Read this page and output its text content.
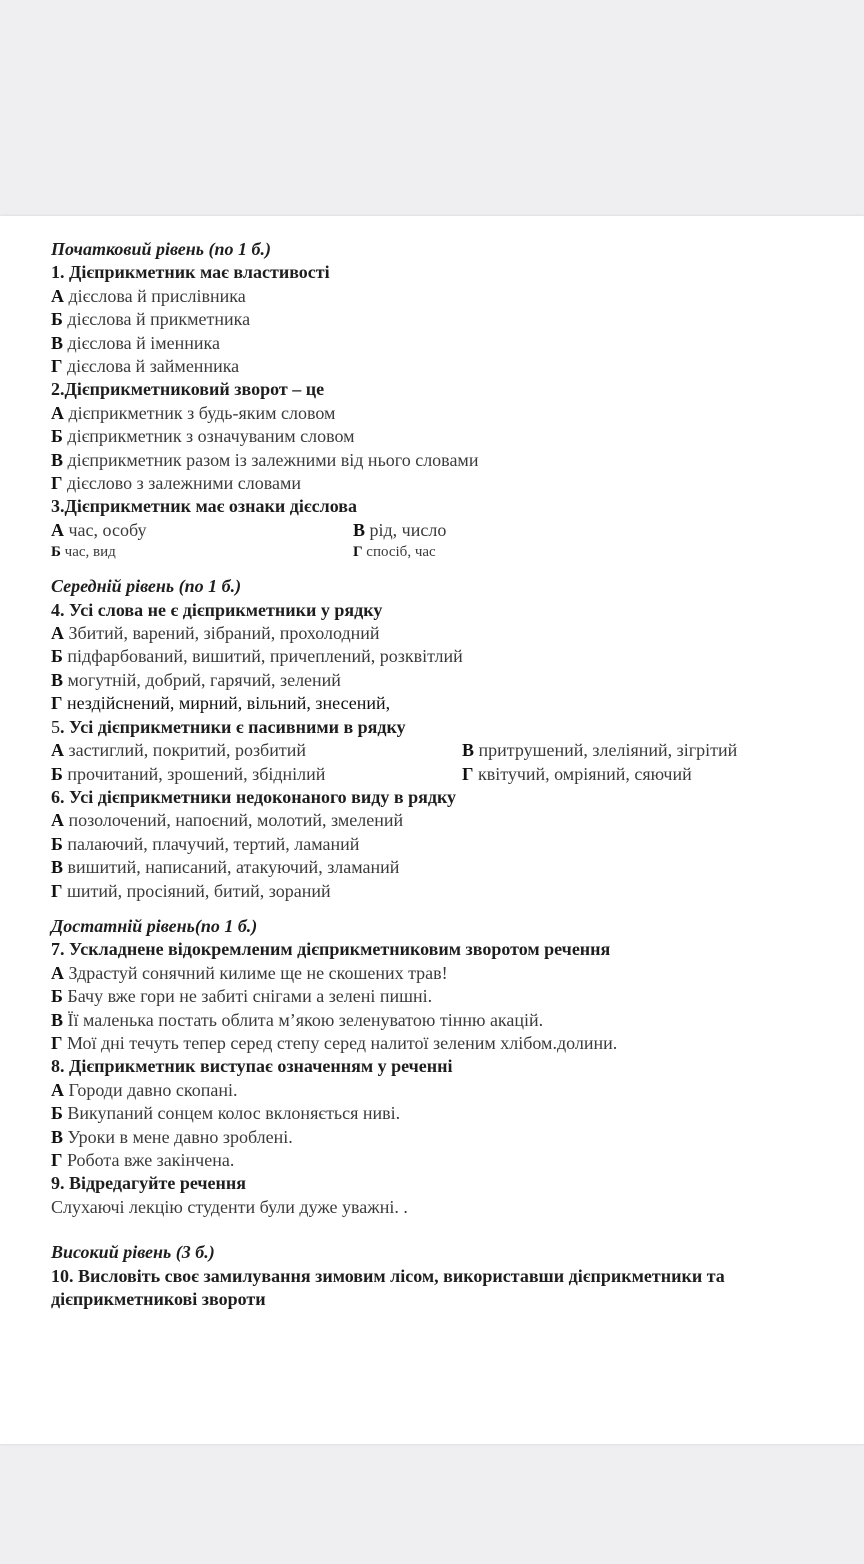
Початковий рівень (по 1 б.)
1. Дієприкметник має властивості
А дієслова й прислівника
Б дієслова й прикметника
В дієслова й іменника
Г дієслова й займенника
2.Дієприкметниковий зворот – це
А дієприкметник з будь-яким словом
Б дієприкметник з означуваним словом
В дієприкметник разом із залежними від нього словами
Г дієслово з залежними словами
3.Дієприкметник має ознаки дієслова
А час, особу	В рід, число
Б час, вид	Г спосіб, час
Середній рівень (по 1 б.)
4. Усі слова не є дієприкметники у рядку
А Збитий, варений, зібраний, прохолодний
Б підфарбований, вишитий, причеплений, розквітлий
В могутній, добрий, гарячий, зелений
Г нездійснений, мирний, вільний, знесений,
5. Усі дієприкметники є пасивними в рядку
А застиглий, покритий, розбитий	В притрушений, злеліяний, зігрітий
Б прочитаний, зрошений, збіднілий	Г квітучий, омріяний, сяючий
6. Усі дієприкметники недоконаного виду в рядку
А позолочений, напоєний, молотий, змелений
Б палаючий, плачучий, тертий, ламаний
В вишитий, написаний, атакуючий, зламаний
Г шитий, просіяний, битий, зораний
Достатній рівень(по 1 б.)
7. Ускладнене відокремленим дієприкметниковим зворотом речення
А Здрастуй сонячний килиме ще не скошених трав!
Б Бачу вже гори не забиті снігами а зелені пишні.
В Її маленька постать облита м’якою зеленуватою тінню акацій.
Г Мої дні течуть тепер серед степу серед налитої зеленим хлібом.долини.
8. Дієприкметник виступає означенням у реченні
А Городи давно скопані.
Б Викупаний сонцем колос вклоняється ниві.
В Уроки в мене давно зроблені.
Г Робота вже закінчена.
9. Відредагуйте речення
Слухаючі лекцію студенти були дуже уважні. .
Високий рівень (3 б.)
10. Висловіть своє замилування зимовим лісом, використавши дієприкметники та дієприкметникові звороти
